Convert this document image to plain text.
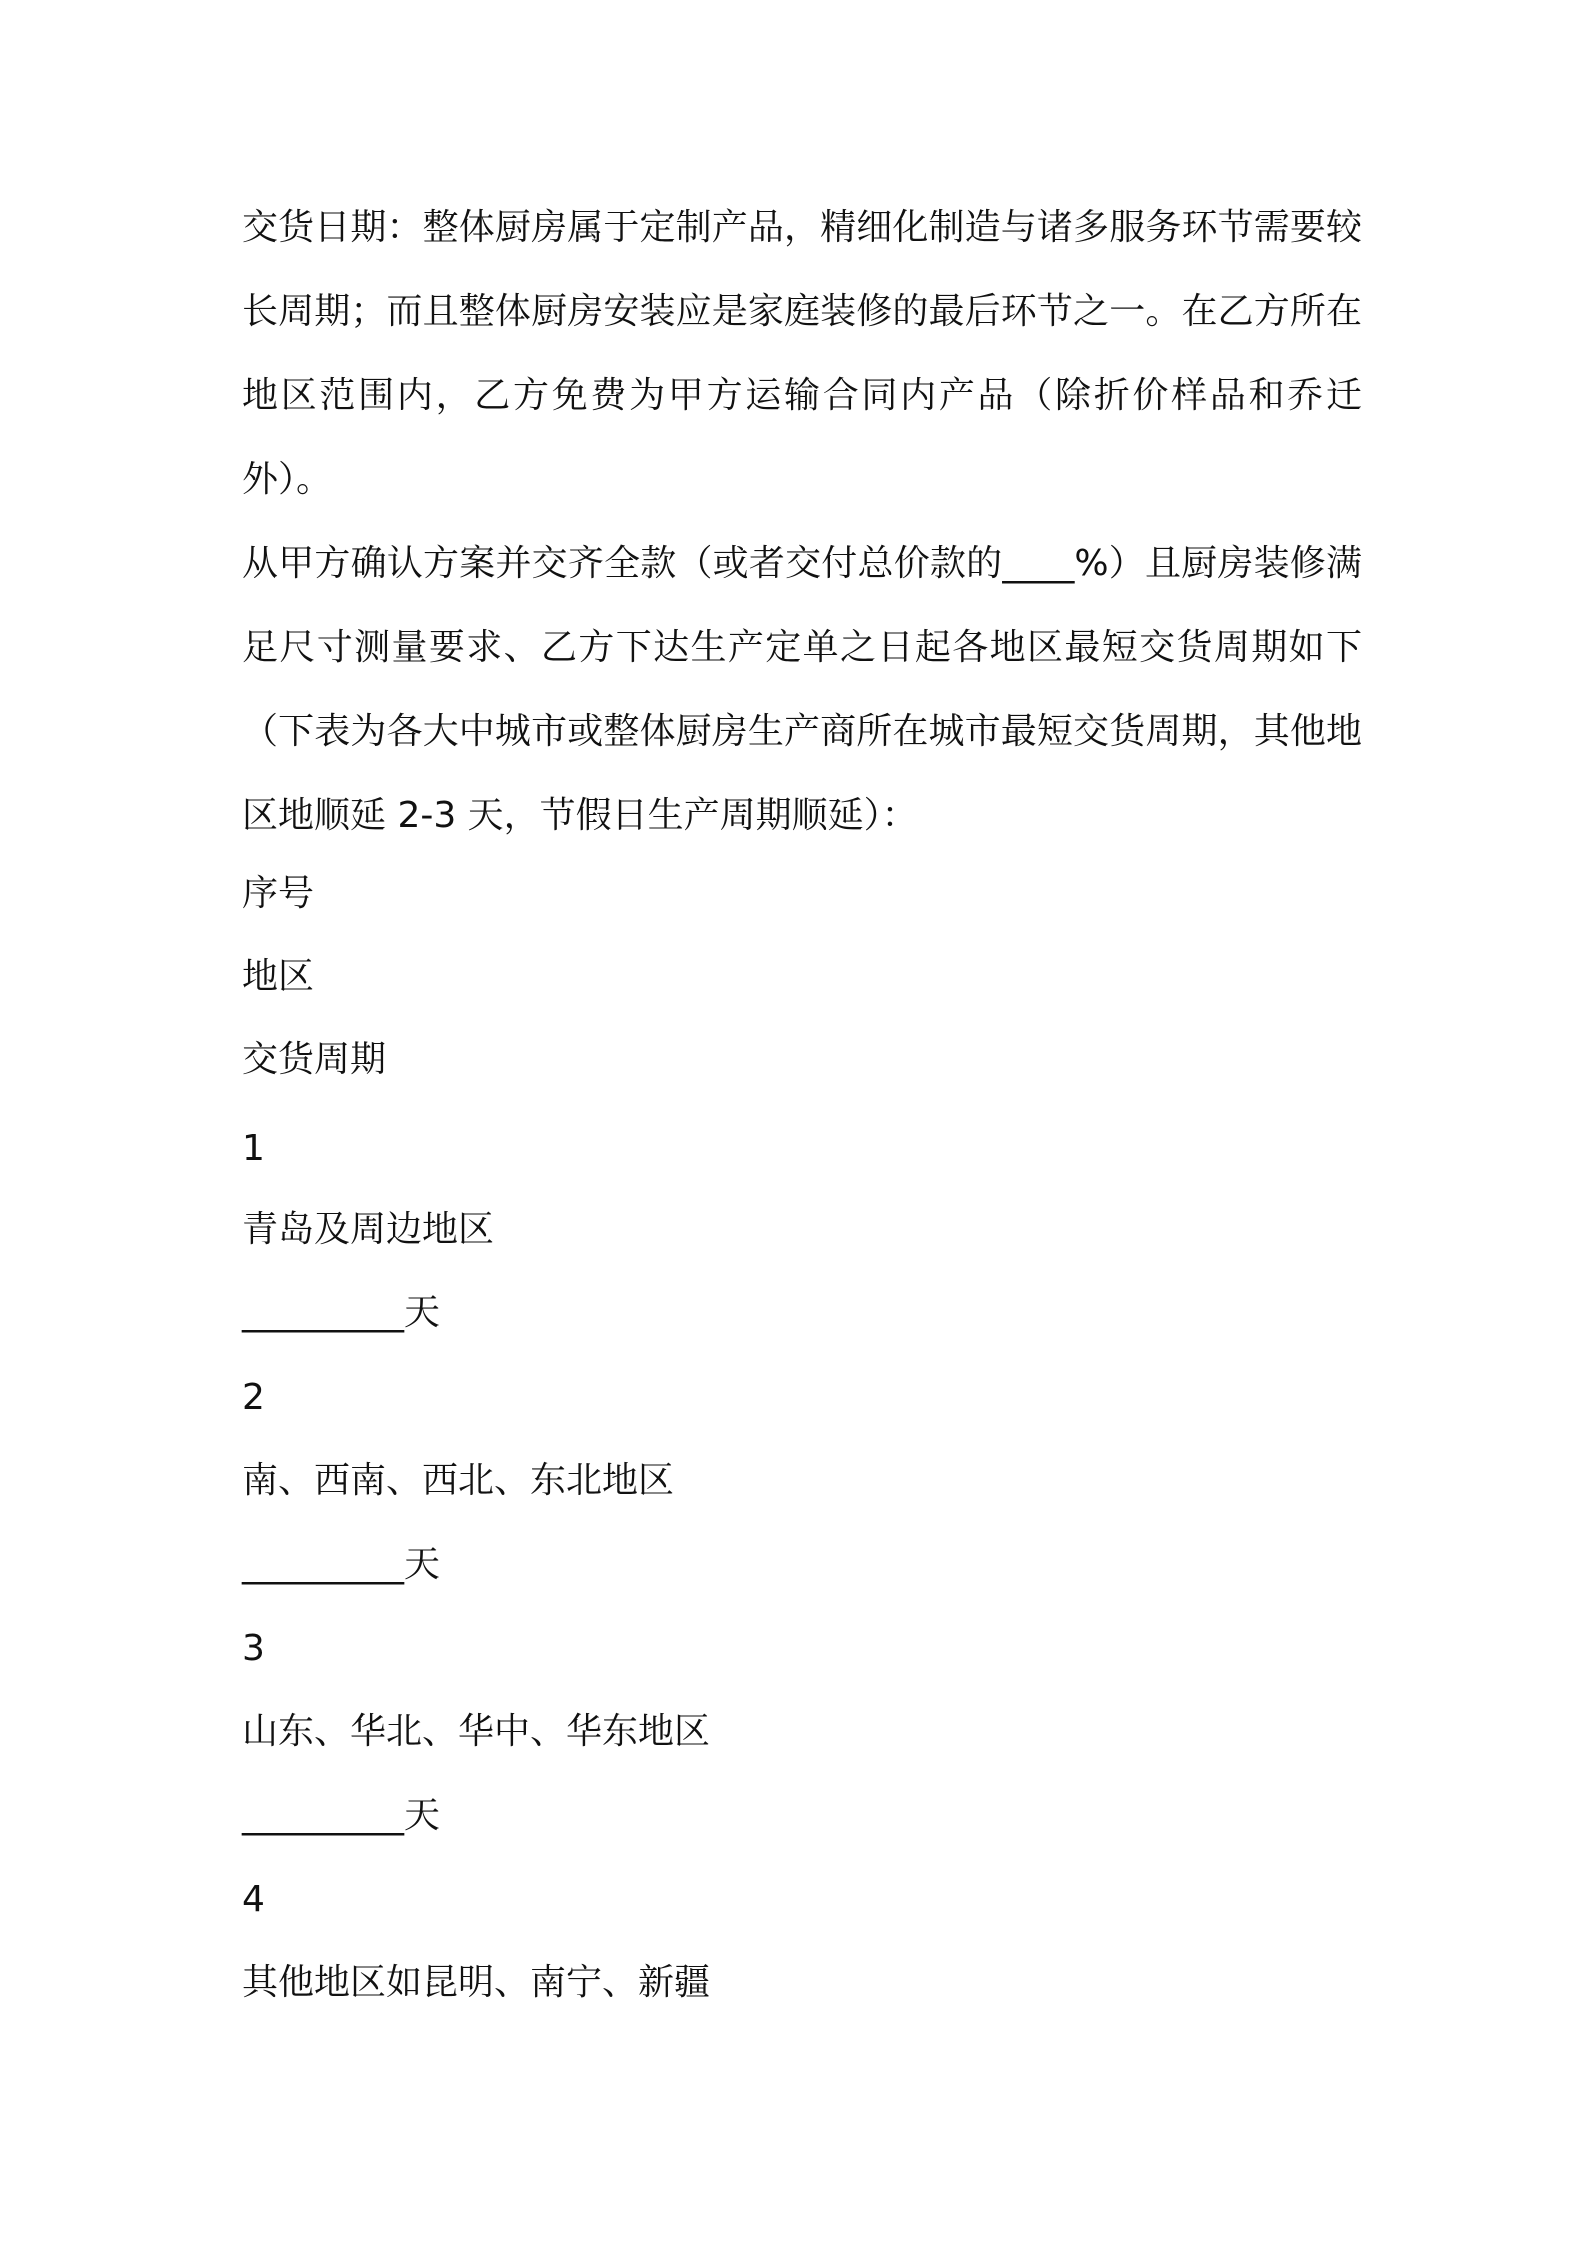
交货日期：整体厨房属于定制产品，精细化制造与诸多服务环节需要较长周期；而且整体厨房安装应是家庭装修的最后环节之一。在乙方所在地区范围内，乙方免费为甲方运输合同内产品（除折价样品和乔迁外）。

从甲方确认方案并交齐全款（或者交付总价款的____%）且厨房装修满足尺寸测量要求、乙方下达生产定单之日起各地区最短交货周期如下（下表为各大中城市或整体厨房生产商所在城市最短交货周期，其他地区地顺延 2-3 天，节假日生产周期顺延）：

序号

地区

交货周期

1

青岛及周边地区

_________天

2

南、西南、西北、东北地区

_________天

3

山东、华北、华中、华东地区

_________天

4

其他地区如昆明、南宁、新疆
